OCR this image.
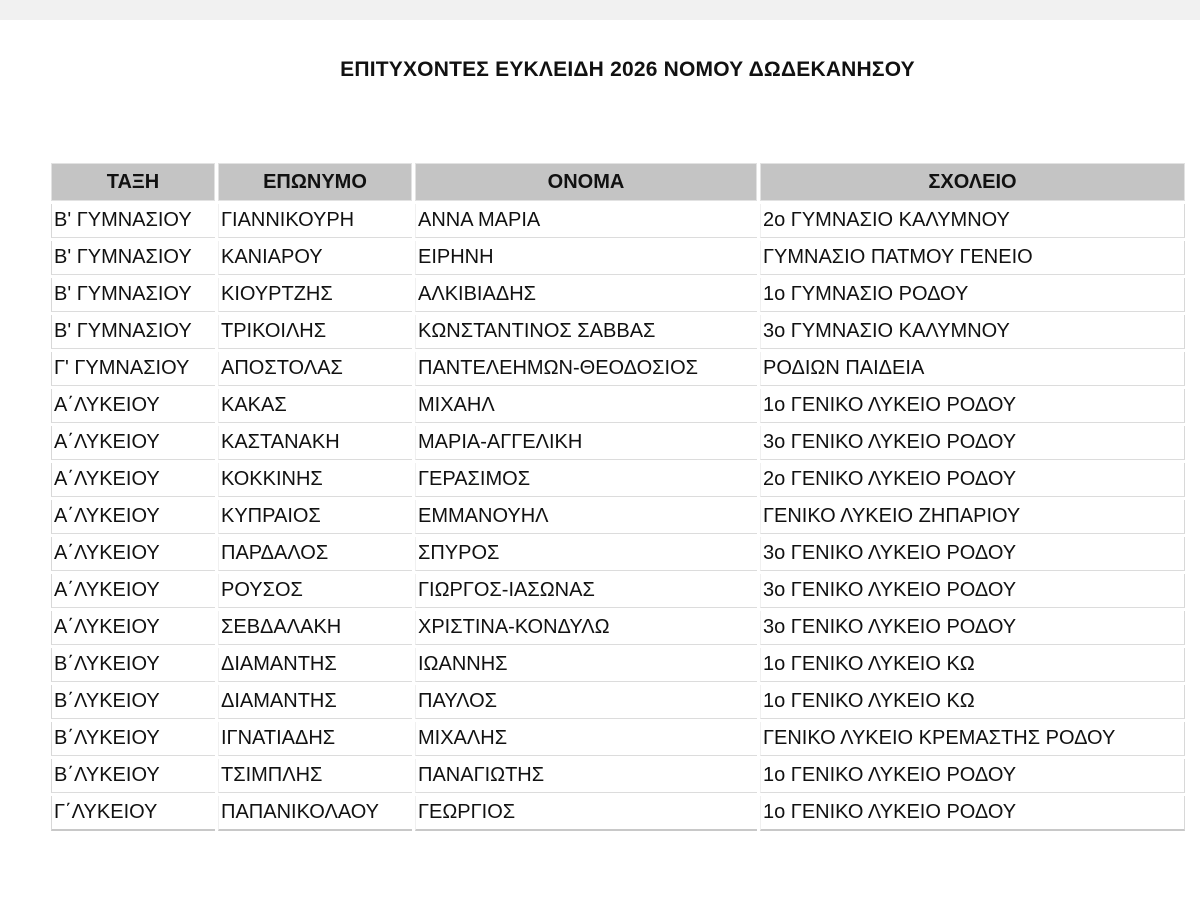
ΕΠΙΤΥΧΟΝΤΕΣ ΕΥΚΛΕΙΔΗ 2026 ΝΟΜΟΥ ΔΩΔΕΚΑΝΗΣΟΥ
ΤΑΞΗ	ΕΠΩΝΥΜΟ	ΟΝΟΜΑ	ΣΧΟΛΕΙΟ
Β' ΓΥΜΝΑΣΙΟΥ	ΓΙΑΝΝΙΚΟΥΡΗ	ΑΝΝΑ ΜΑΡΙΑ	2ο ΓΥΜΝΑΣΙΟ ΚΑΛΥΜΝΟΥ
Β' ΓΥΜΝΑΣΙΟΥ	ΚΑΝΙΑΡΟΥ	ΕΙΡΗΝΗ	ΓΥΜΝΑΣΙΟ ΠΑΤΜΟΥ ΓΕΝΕΙΟ
Β' ΓΥΜΝΑΣΙΟΥ	ΚΙΟΥΡΤΖΗΣ	ΑΛΚΙΒΙΑΔΗΣ	1ο ΓΥΜΝΑΣΙΟ ΡΟΔΟΥ
Β' ΓΥΜΝΑΣΙΟΥ	ΤΡΙΚΟΙΛΗΣ	ΚΩΝΣΤΑΝΤΙΝΟΣ ΣΑΒΒΑΣ	3ο ΓΥΜΝΑΣΙΟ ΚΑΛΥΜΝΟΥ
Γ' ΓΥΜΝΑΣΙΟΥ	ΑΠΟΣΤΟΛΑΣ	ΠΑΝΤΕΛΕΗΜΩΝ-ΘΕΟΔΟΣΙΟΣ	ΡΟΔΙΩΝ ΠΑΙΔΕΙΑ
Α΄ΛΥΚΕΙΟΥ	ΚΑΚΑΣ	ΜΙΧΑΗΛ	1ο ΓΕΝΙΚΟ ΛΥΚΕΙΟ ΡΟΔΟΥ
Α΄ΛΥΚΕΙΟΥ	ΚΑΣΤΑΝΑΚΗ	ΜΑΡΙΑ-ΑΓΓΕΛΙΚΗ	3ο ΓΕΝΙΚΟ ΛΥΚΕΙΟ ΡΟΔΟΥ
Α΄ΛΥΚΕΙΟΥ	ΚΟΚΚΙΝΗΣ	ΓΕΡΑΣΙΜΟΣ	2ο ΓΕΝΙΚΟ ΛΥΚΕΙΟ ΡΟΔΟΥ
Α΄ΛΥΚΕΙΟΥ	ΚΥΠΡΑΙΟΣ	ΕΜΜΑΝΟΥΗΛ	ΓΕΝΙΚΟ ΛΥΚΕΙΟ ΖΗΠΑΡΙΟΥ
Α΄ΛΥΚΕΙΟΥ	ΠΑΡΔΑΛΟΣ	ΣΠΥΡΟΣ	3ο ΓΕΝΙΚΟ ΛΥΚΕΙΟ ΡΟΔΟΥ
Α΄ΛΥΚΕΙΟΥ	ΡΟΥΣΟΣ	ΓΙΩΡΓΟΣ-ΙΑΣΩΝΑΣ	3ο ΓΕΝΙΚΟ ΛΥΚΕΙΟ ΡΟΔΟΥ
Α΄ΛΥΚΕΙΟΥ	ΣΕΒΔΑΛΑΚΗ	ΧΡΙΣΤΙΝΑ-ΚΟΝΔΥΛΩ	3ο ΓΕΝΙΚΟ ΛΥΚΕΙΟ ΡΟΔΟΥ
Β΄ΛΥΚΕΙΟΥ	ΔΙΑΜΑΝΤΗΣ	ΙΩΑΝΝΗΣ	1ο ΓΕΝΙΚΟ ΛΥΚΕΙΟ ΚΩ
Β΄ΛΥΚΕΙΟΥ	ΔΙΑΜΑΝΤΗΣ	ΠΑΥΛΟΣ	1ο ΓΕΝΙΚΟ ΛΥΚΕΙΟ ΚΩ
Β΄ΛΥΚΕΙΟΥ	ΙΓΝΑΤΙΑΔΗΣ	ΜΙΧΑΛΗΣ	ΓΕΝΙΚΟ ΛΥΚΕΙΟ ΚΡΕΜΑΣΤΗΣ ΡΟΔΟΥ
Β΄ΛΥΚΕΙΟΥ	ΤΣΙΜΠΛΗΣ	ΠΑΝΑΓΙΩΤΗΣ	1ο ΓΕΝΙΚΟ ΛΥΚΕΙΟ ΡΟΔΟΥ
Γ΄ΛΥΚΕΙΟΥ	ΠΑΠΑΝΙΚΟΛΑΟΥ	ΓΕΩΡΓΙΟΣ	1ο ΓΕΝΙΚΟ ΛΥΚΕΙΟ ΡΟΔΟΥ
